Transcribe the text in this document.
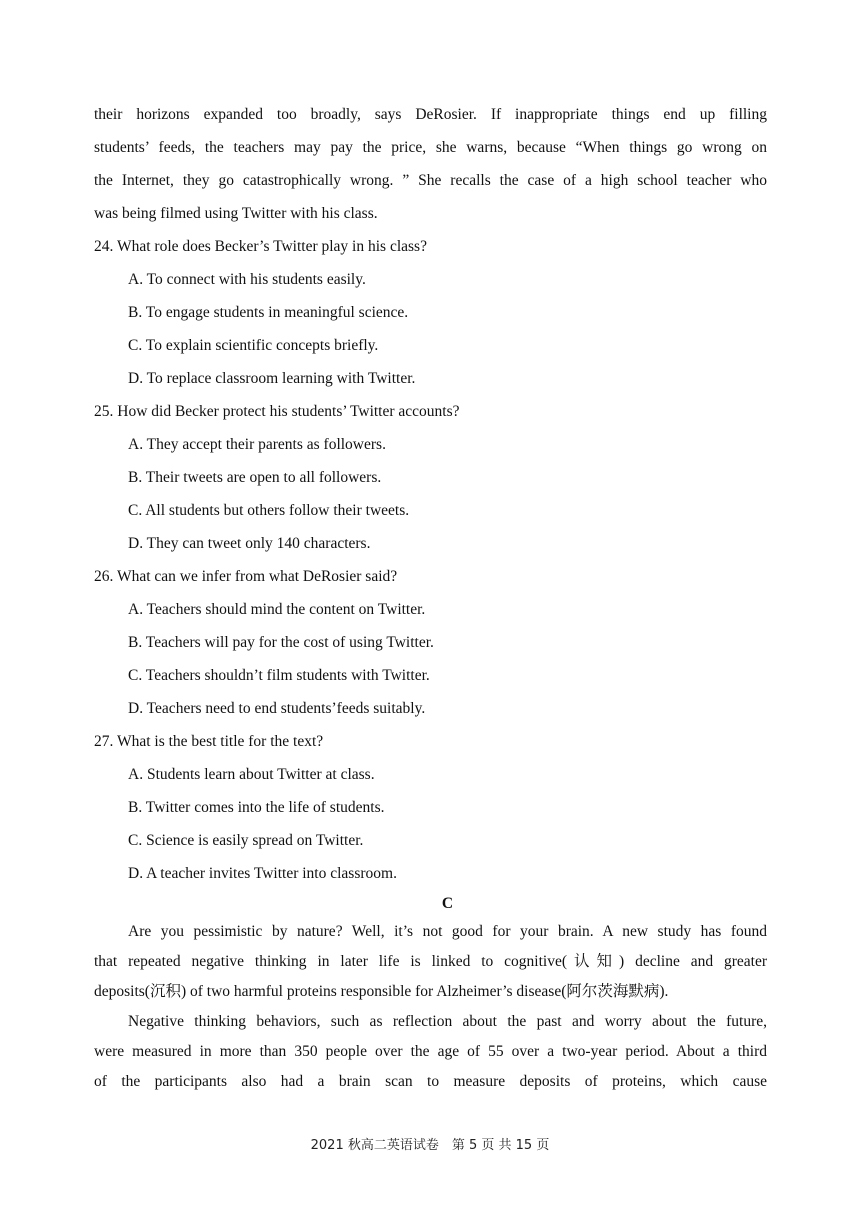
their horizons expanded too broadly, says DeRosier. If inappropriate things end up filling
students’ feeds, the teachers may pay the price, she warns, because “When things go wrong on
the Internet, they go catastrophically wrong. ” She recalls the case of a high school teacher who
was being filmed using Twitter with his class.
24. What role does Becker’s Twitter play in his class?
A. To connect with his students easily.
B. To engage students in meaningful science.
C. To explain scientific concepts briefly.
D. To replace classroom learning with Twitter.
25. How did Becker protect his students’ Twitter accounts?
A. They accept their parents as followers.
B. Their tweets are open to all followers.
C. All students but others follow their tweets.
D. They can tweet only 140 characters.
26. What can we infer from what DeRosier said?
A. Teachers should mind the content on Twitter.
B. Teachers will pay for the cost of using Twitter.
C. Teachers shouldn’t film students with Twitter.
D. Teachers need to end students’feeds suitably.
27. What is the best title for the text?
A. Students learn about Twitter at class.
B. Twitter comes into the life of students.
C. Science is easily spread on Twitter.
D. A teacher invites Twitter into classroom.
C
Are you pessimistic by nature? Well, it’s not good for your brain. A new study has found
that repeated negative thinking in later life is linked to cognitive(认知) decline and greater
deposits(沉积) of two harmful proteins responsible for Alzheimer’s disease(阿尔茨海默病).
Negative thinking behaviors, such as reflection about the past and worry about the future,
were measured in more than 350 people over the age of 55 over a two-year period. About a third
of the participants also had a brain scan to measure deposits of proteins, which cause
2021 秋高二英语试卷　第 5 页 共 15 页
